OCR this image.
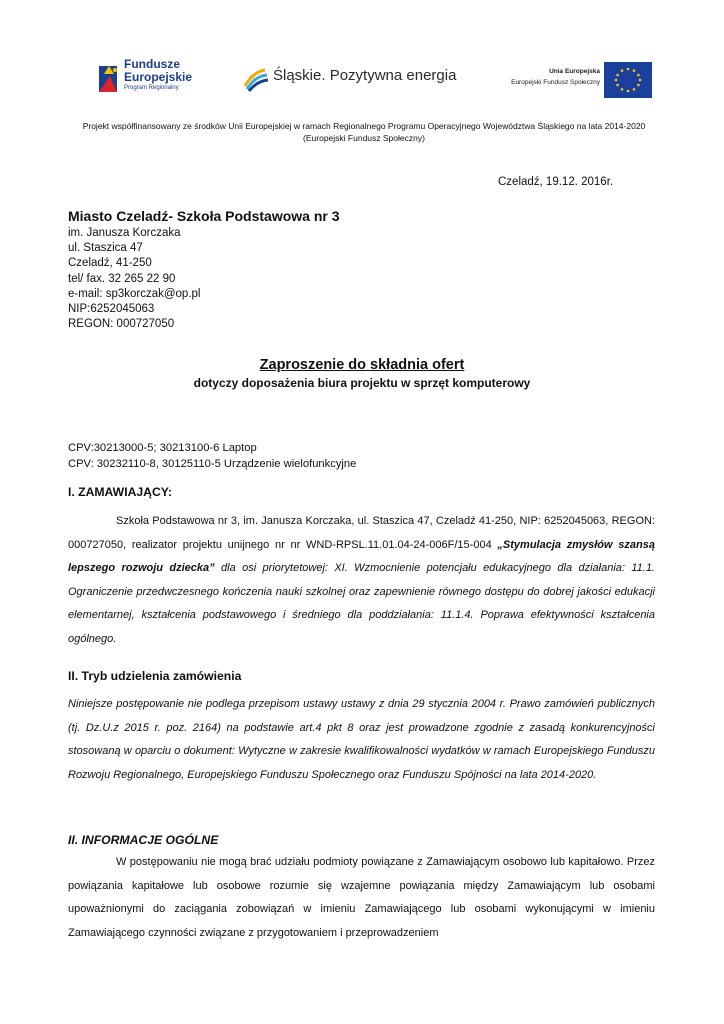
Fundusze
Europejskie
Program Regionalny
Śląskie. Pozytywna energia	Unia Europejska
Europejski Fundusz Społeczny
Projekt współfinansowany ze środków Unii Europejskiej w ramach Regionalnego Programu Operacyjnego Województwa Śląskiego na lata 2014-2020 (Europejski Fundusz Społeczny)
Czeladź, 19.12. 2016r.
Miasto Czeladź- Szkoła Podstawowa nr 3
im. Janusza Korczaka
ul. Staszica 47
Czeladź, 41-250
tel/ fax. 32 265 22 90
e-mail: sp3korczak@op.pl
NIP:6252045063
REGON: 000727050
Zaproszenie do składnia ofert
dotyczy doposażenia biura projektu w sprzęt komputerowy
CPV:30213000-5; 30213100-6 Laptop
CPV: 30232110-8, 30125110-5 Urządzenie wielofunkcyjne
I. ZAMAWIAJĄCY:
Szkoła Podstawowa nr 3, im. Janusza Korczaka, ul. Staszica 47, Czeladź 41-250, NIP: 6252045063, REGON: 000727050, realizator projektu unijnego nr nr WND-RPSL.11.01.04-24-006F/15-004 „Stymulacja zmysłów szansą lepszego rozwoju dziecka” dla osi priorytetowej: XI. Wzmocnienie potencjału edukacyjnego dla działania: 11.1. Ograniczenie przedwczesnego kończenia nauki szkolnej oraz zapewnienie równego dostępu do dobrej jakości edukacji elementarnej, kształcenia podstawowego i średniego dla poddziałania: 11.1.4. Poprawa efektywności kształcenia ogólnego.
II. Tryb udzielenia zamówienia
Niniejsze postępowanie nie podlega przepisom ustawy ustawy z dnia 29 stycznia 2004 r. Prawo zamówień publicznych (tj. Dz.U.z 2015 r. poz. 2164) na podstawie art.4 pkt 8 oraz jest prowadzone zgodnie z zasadą konkurencyjności stosowaną w oparciu o dokument: Wytyczne w zakresie kwalifikowalności wydatków w ramach Europejskiego Funduszu Rozwoju Regionalnego, Europejskiego Funduszu Społecznego oraz Funduszu Spójności na lata 2014-2020.
II. INFORMACJE OGÓLNE
W postępowaniu nie mogą brać udziału podmioty powiązane z Zamawiającym osobowo lub kapitałowo. Przez powiązania kapitałowe lub osobowe rozumie się wzajemne powiązania między Zamawiającym lub osobami upoważnionymi do zaciągania zobowiązań w imieniu Zamawiającego lub osobami wykonującymi w imieniu Zamawiającego czynności związane z przygotowaniem i przeprowadzeniem
